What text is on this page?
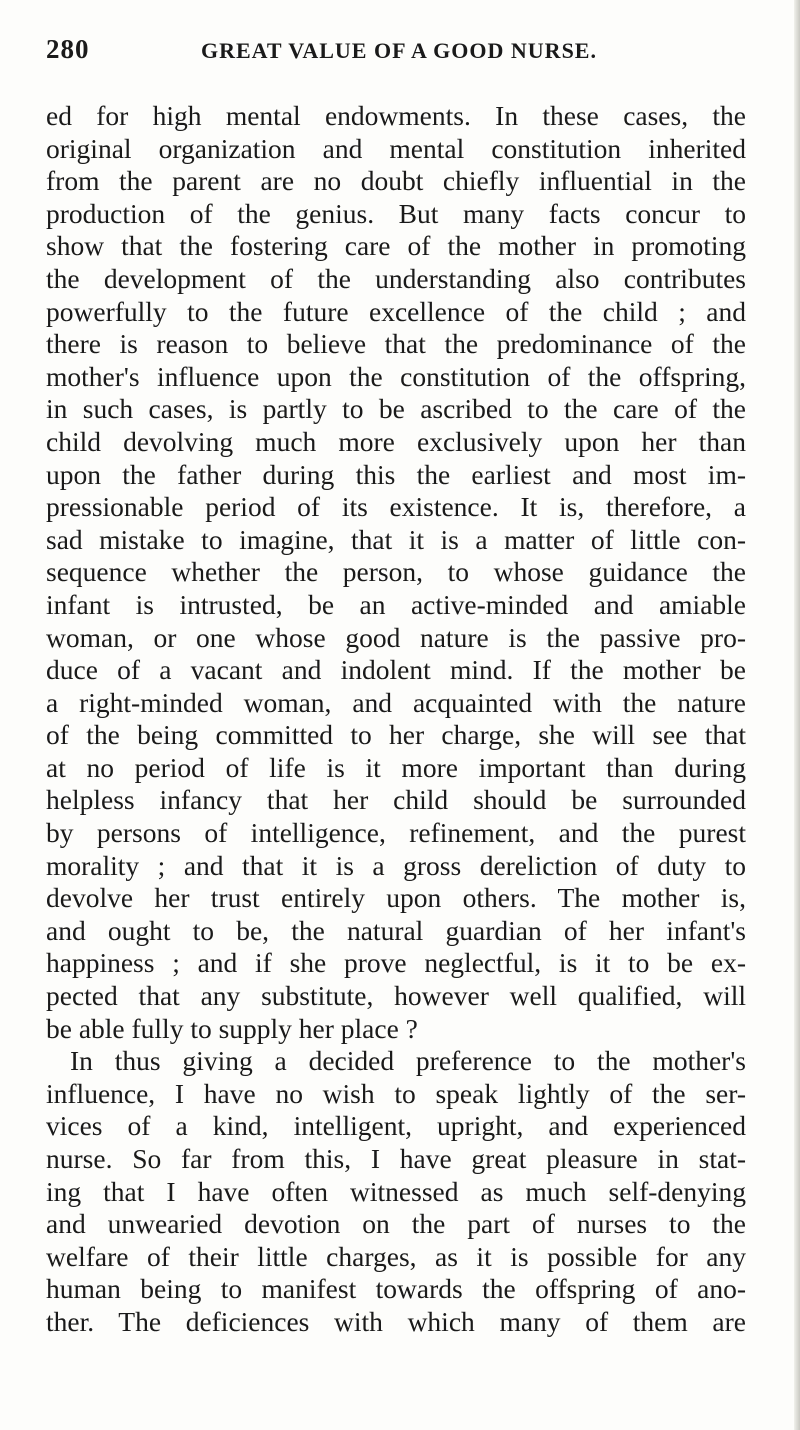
280	GREAT VALUE OF A GOOD NURSE.
ed for high mental endowments. In these cases, the
original organization and mental constitution inherited
from the parent are no doubt chiefly influential in the
production of the genius. But many facts concur to
show that the fostering care of the mother in promoting
the development of the understanding also contributes
powerfully to the future excellence of the child ; and
there is reason to believe that the predominance of the
mother's influence upon the constitution of the offspring,
in such cases, is partly to be ascribed to the care of the
child devolving much more exclusively upon her than
upon the father during this the earliest and most im-
pressionable period of its existence. It is, therefore, a
sad mistake to imagine, that it is a matter of little con-
sequence whether the person, to whose guidance the
infant is intrusted, be an active-minded and amiable
woman, or one whose good nature is the passive pro-
duce of a vacant and indolent mind. If the mother be
a right-minded woman, and acquainted with the nature
of the being committed to her charge, she will see that
at no period of life is it more important than during
helpless infancy that her child should be surrounded
by persons of intelligence, refinement, and the purest
morality ; and that it is a gross dereliction of duty to
devolve her trust entirely upon others. The mother is,
and ought to be, the natural guardian of her infant's
happiness ; and if she prove neglectful, is it to be ex-
pected that any substitute, however well qualified, will
be able fully to supply her place ?
In thus giving a decided preference to the mother's
influence, I have no wish to speak lightly of the ser-
vices of a kind, intelligent, upright, and experienced
nurse. So far from this, I have great pleasure in stat-
ing that I have often witnessed as much self-denying
and unwearied devotion on the part of nurses to the
welfare of their little charges, as it is possible for any
human being to manifest towards the offspring of ano-
ther. The deficiences with which many of them are
